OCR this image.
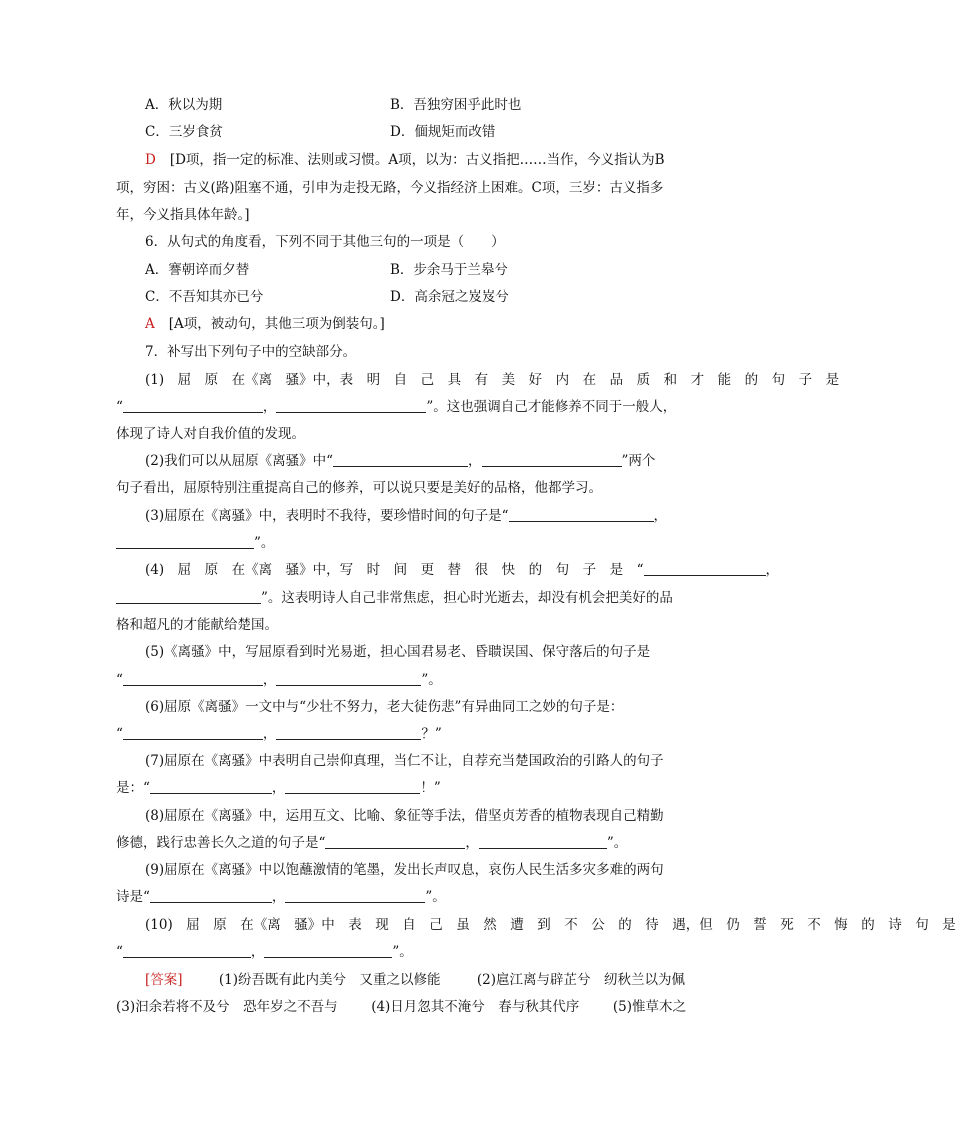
A．秋以为期	B．吾独穷困乎此时也
C．三岁食贫	D．偭规矩而改错
D [D项，指一定的标准、法则或习惯。A项，以为：古义指把……当作，今义指认为B
项，穷困：古义(路)阻塞不通，引申为走投无路，今义指经济上困难。C项，三岁：古义指多
年，今义指具体年龄。]
6．从句式的角度看，下列不同于其他三句的一项是（　　）
A．謇朝谇而夕替	B．步余马于兰皋兮
C．不吾知其亦已兮	D．高余冠之岌岌兮
A [A项，被动句，其他三项为倒装句。]
7．补写出下列句子中的空缺部分。
(1)　屈　原　在《离　骚》中，表　明　自　己　具　有　美　好　内　在　品　质　和　才　能　的　句　子　是
“	，	”。这也强调自己才能修养不同于一般人，
体现了诗人对自我价值的发现。
(2)我们可以从屈原《离骚》中“	，	”两个
句子看出，屈原特别注重提高自己的修养，可以说只要是美好的品格，他都学习。
(3)屈原在《离骚》中，表明时不我待，要珍惜时间的句子是“	，
”。
(4)　屈　原　在《离　骚》中，写　时　间　更　替　很　快　的　句　子　是　“	，
”。这表明诗人自己非常焦虑，担心时光逝去，却没有机会把美好的品
格和超凡的才能献给楚国。
(5)《离骚》中，写屈原看到时光易逝，担心国君易老、昏聩误国、保守落后的句子是
“	，	”。
(6)屈原《离骚》一文中与“少壮不努力，老大徒伤悲”有异曲同工之妙的句子是：
“	，	？”
(7)屈原在《离骚》中表明自己崇仰真理，当仁不让，自荐充当楚国政治的引路人的句子
是：“	，	！”
(8)屈原在《离骚》中，运用互文、比喻、象征等手法，借坚贞芳香的植物表现自己精勤
修德，践行忠善长久之道的句子是“	，	”。
(9)屈原在《离骚》中以饱蘸激情的笔墨，发出长声叹息，哀伤人民生活多灾多难的两句
诗是“	，	”。
(10)　屈　原　在《离　骚》中　表　现　自　己　虽　然　遭　到　不　公　的　待　遇，但　仍　誓　死　不　悔　的　诗　句　是
“	，	”。
[答案]	(1)纷吾既有此内美兮　又重之以修能	(2)扈江离与辟芷兮　纫秋兰以为佩
(3)汩余若将不及兮　恐年岁之不吾与 (4)日月忽其不淹兮　春与秋其代序 (5)惟草木之
